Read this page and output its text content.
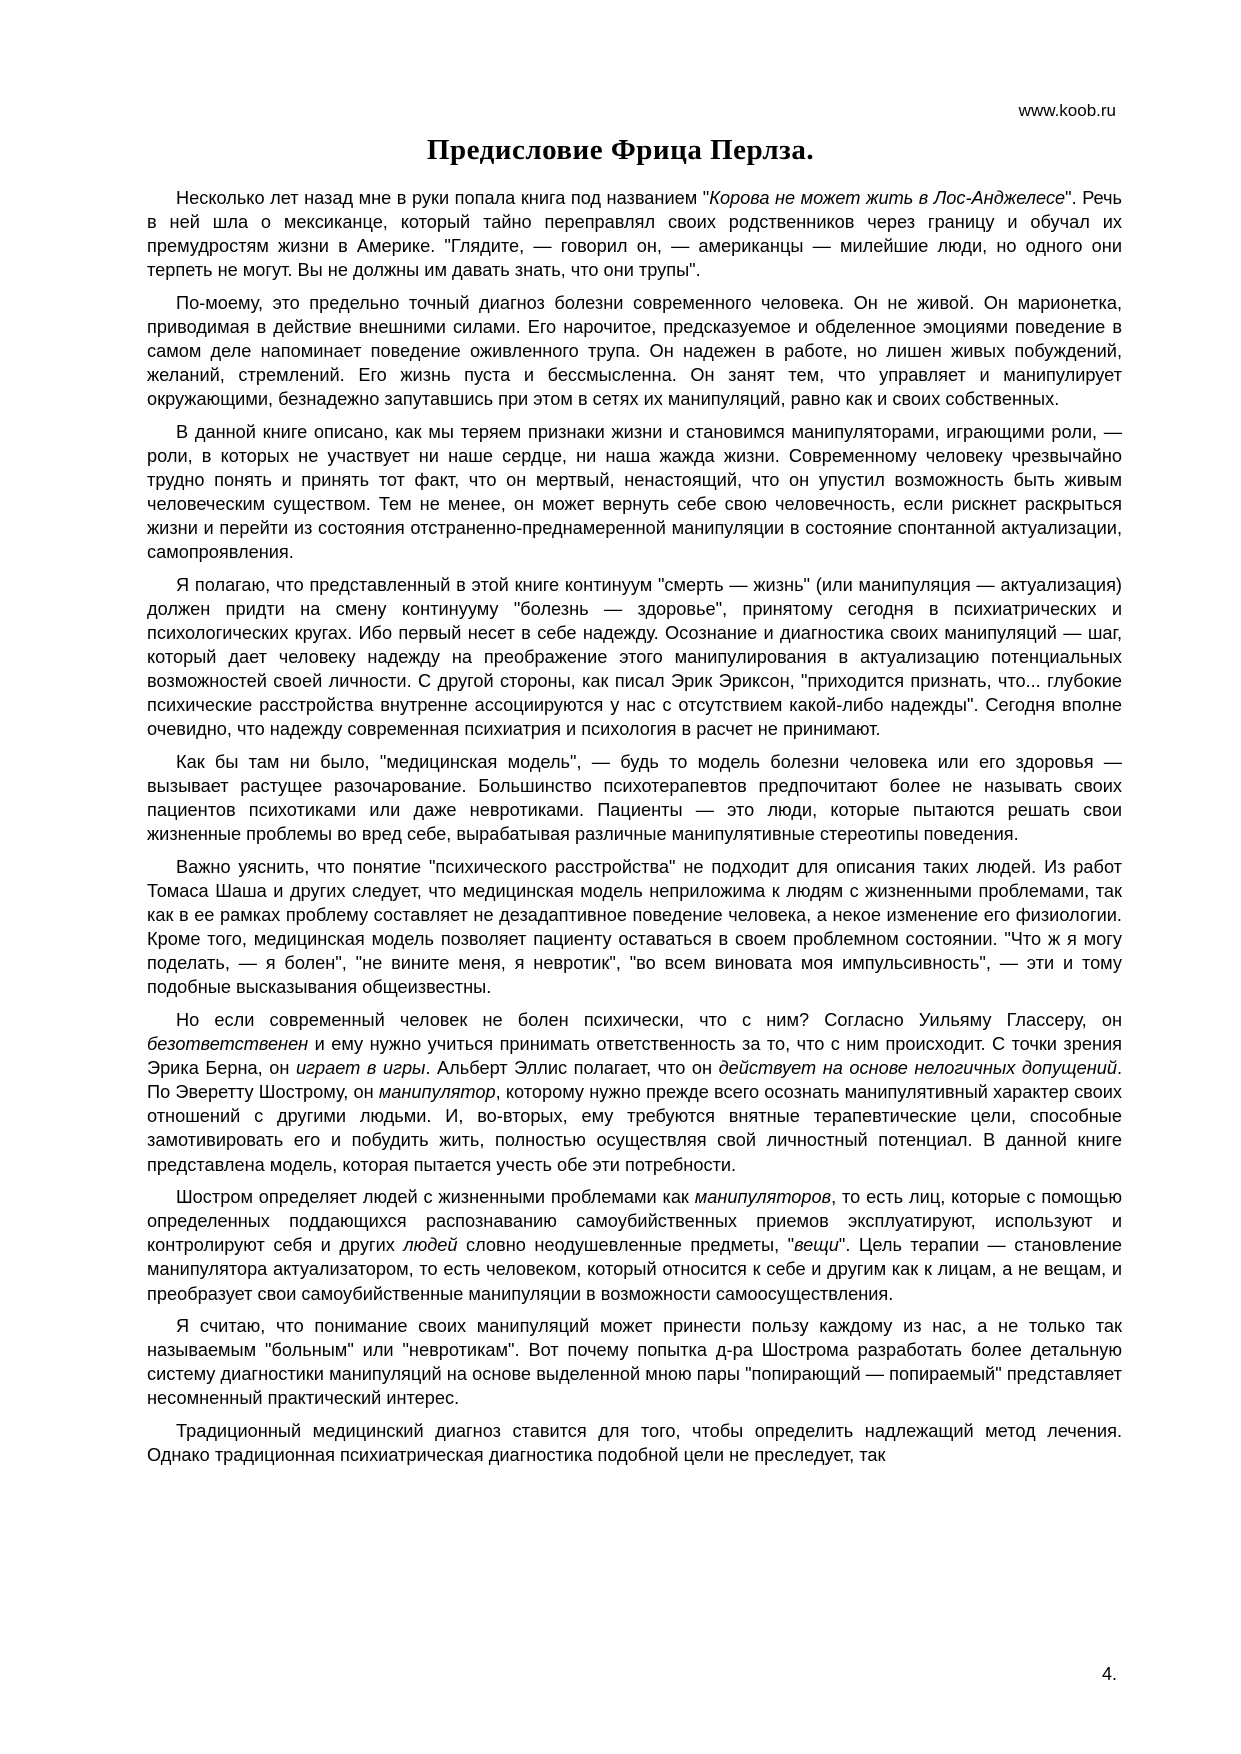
www.koob.ru
Предисловие Фрица Перлза.

Несколько лет назад мне в руки попала книга под названием "Корова не может жить в Лос-Анджелесе". Речь в ней шла о мексиканце, который тайно переправлял своих родственников через границу и обучал их премудростям жизни в Америке. "Глядите, — говорил он, — американцы — милейшие люди, но одного они терпеть не могут. Вы не должны им давать знать, что они трупы".

По-моему, это предельно точный диагноз болезни современного человека. Он не живой. Он марионетка, приводимая в действие внешними силами. Его нарочитое, предсказуемое и обделенное эмоциями поведение в самом деле напоминает поведение оживленного трупа. Он надежен в работе, но лишен живых побуждений, желаний, стремлений. Его жизнь пуста и бессмысленна. Он занят тем, что управляет и манипулирует окружающими, безнадежно запутавшись при этом в сетях их манипуляций, равно как и своих собственных.

В данной книге описано, как мы теряем признаки жизни и становимся манипуляторами, играющими роли, — роли, в которых не участвует ни наше сердце, ни наша жажда жизни. Современному человеку чрезвычайно трудно понять и принять тот факт, что он мертвый, ненастоящий, что он упустил возможность быть живым человеческим существом. Тем не менее, он может вернуть себе свою человечность, если рискнет раскрыться жизни и перейти из состояния отстраненно-преднамеренной манипуляции в состояние спонтанной актуализации, самопроявления.

Я полагаю, что представленный в этой книге континуум "смерть — жизнь" (или манипуляция — актуализация) должен придти на смену континууму "болезнь — здоровье", принятому сегодня в психиатрических и психологических кругах. Ибо первый несет в себе надежду. Осознание и диагностика своих манипуляций — шаг, который дает человеку надежду на преображение этого манипулирования в актуализацию потенциальных возможностей своей личности. С другой стороны, как писал Эрик Эриксон, "приходится признать, что... глубокие психические расстройства внутренне ассоциируются у нас с отсутствием какой-либо надежды". Сегодня вполне очевидно, что надежду современная психиатрия и психология в расчет не принимают.

Как бы там ни было, "медицинская модель", — будь то модель болезни человека или его здоровья — вызывает растущее разочарование. Большинство психотерапевтов предпочитают более не называть своих пациентов психотиками или даже невротиками. Пациенты — это люди, которые пытаются решать свои жизненные проблемы во вред себе, вырабатывая различные манипулятивные стереотипы поведения.

Важно уяснить, что понятие "психического расстройства" не подходит для описания таких людей. Из работ Томаса Шаша и других следует, что медицинская модель неприложима к людям с жизненными проблемами, так как в ее рамках проблему составляет не дезадаптивное поведение человека, а некое изменение его физиологии. Кроме того, медицинская модель позволяет пациенту оставаться в своем проблемном состоянии. "Что ж я могу поделать, — я болен", "не вините меня, я невротик", "во всем виновата моя импульсивность", — эти и тому подобные высказывания общеизвестны.

Но если современный человек не болен психически, что с ним? Согласно Уильяму Глассеру, он безответственен и ему нужно учиться принимать ответственность за то, что с ним происходит. С точки зрения Эрика Берна, он играет в игры. Альберт Эллис полагает, что он действует на основе нелогичных допущений. По Эверетту Шострому, он манипулятор, которому нужно прежде всего осознать манипулятивный характер своих отношений с другими людьми. И, во-вторых, ему требуются внятные терапевтические цели, способные замотивировать его и побудить жить, полностью осуществляя свой личностный потенциал. В данной книге представлена модель, которая пытается учесть обе эти потребности.

Шостром определяет людей с жизненными проблемами как манипуляторов, то есть лиц, которые с помощью определенных поддающихся распознаванию самоубийственных приемов эксплуатируют, используют и контролируют себя и других людей словно неодушевленные предметы, "вещи". Цель терапии — становление манипулятора актуализатором, то есть человеком, который относится к себе и другим как к лицам, а не вещам, и преобразует свои самоубийственные манипуляции в возможности самоосуществления.

Я считаю, что понимание своих манипуляций может принести пользу каждому из нас, а не только так называемым "больным" или "невротикам". Вот почему попытка д-ра Шострома разработать более детальную систему диагностики манипуляций на основе выделенной мною пары "попирающий — попираемый" представляет несомненный практический интерес.

Традиционный медицинский диагноз ставится для того, чтобы определить надлежащий метод лечения. Однако традиционная психиатрическая диагностика подобной цели не преследует, так

4.
